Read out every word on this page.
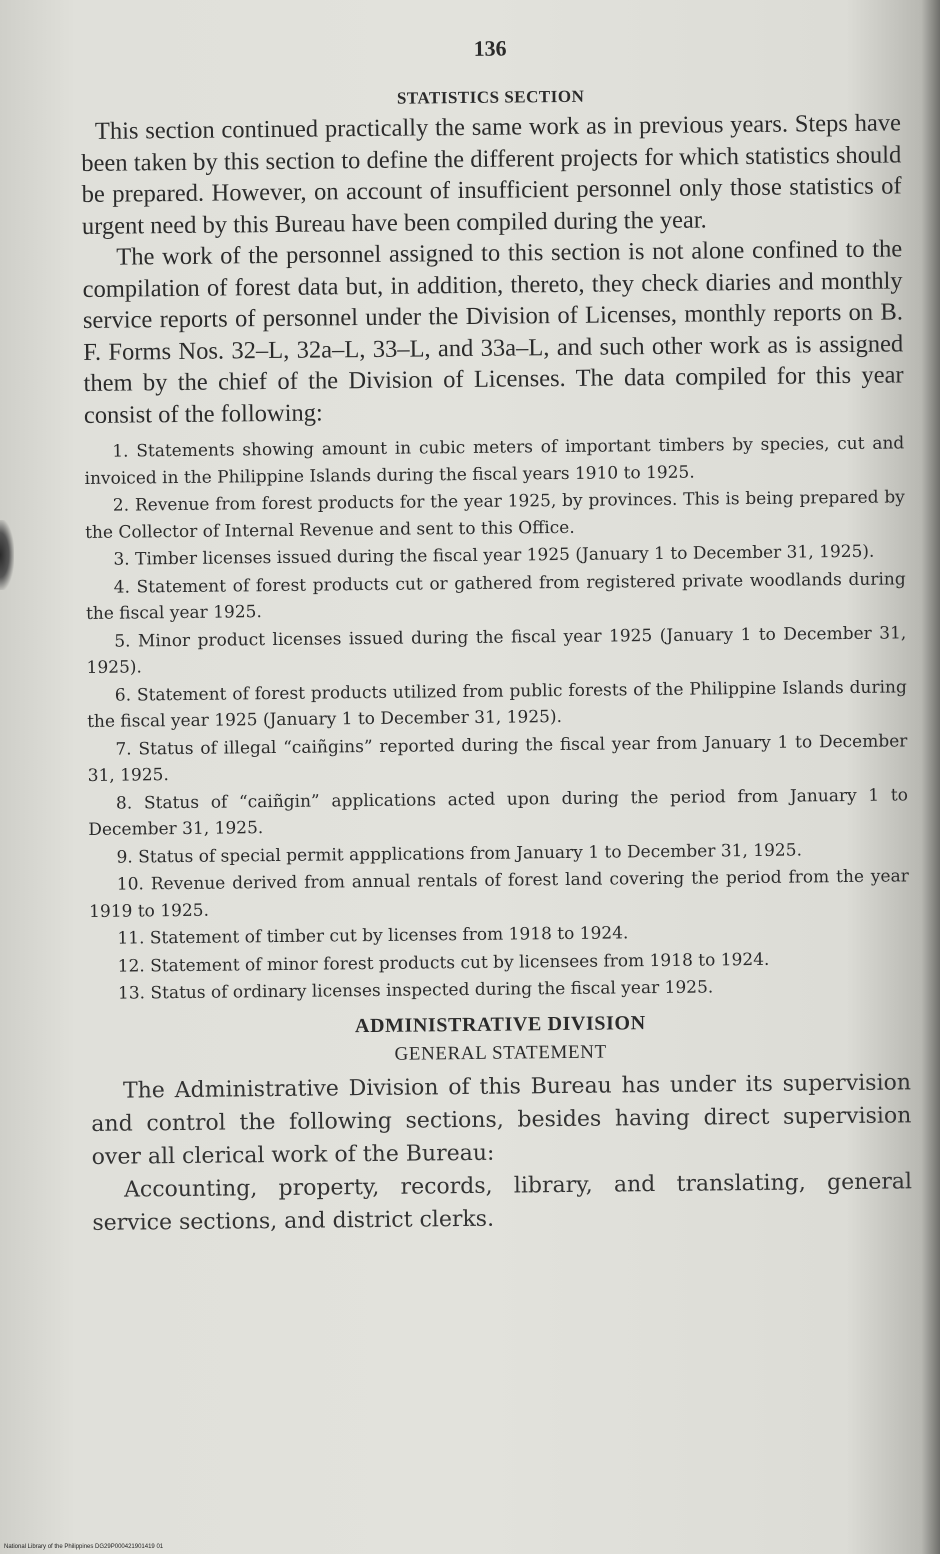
136
STATISTICS SECTION

This section continued practically the same work as in previous years. Steps have been taken by this section to define the different projects for which statistics should be prepared. However, on account of insufficient personnel only those statistics of urgent need by this Bureau have been compiled during the year.

The work of the personnel assigned to this section is not alone confined to the compilation of forest data but, in addition, thereto, they check diaries and monthly service reports of personnel under the Division of Licenses, monthly reports on B. F. Forms Nos. 32–L, 32a–L, 33–L, and 33a–L, and such other work as is assigned them by the chief of the Division of Licenses. The data compiled for this year consist of the following:

1. Statements showing amount in cubic meters of important timbers by species, cut and invoiced in the Philippine Islands during the fiscal years 1910 to 1925.
2. Revenue from forest products for the year 1925, by provinces. This is being prepared by the Collector of Internal Revenue and sent to this Office.
3. Timber licenses issued during the fiscal year 1925 (January 1 to December 31, 1925).
4. Statement of forest products cut or gathered from registered private woodlands during the fiscal year 1925.
5. Minor product licenses issued during the fiscal year 1925 (January 1 to December 31, 1925).
6. Statement of forest products utilized from public forests of the Philippine Islands during the fiscal year 1925 (January 1 to December 31, 1925).
7. Status of illegal “caiñgins” reported during the fiscal year from January 1 to December 31, 1925.
8. Status of “caiñgin” applications acted upon during the period from January 1 to December 31, 1925.
9. Status of special permit appplications from January 1 to December 31, 1925.
10. Revenue derived from annual rentals of forest land covering the period from the year 1919 to 1925.
11. Statement of timber cut by licenses from 1918 to 1924.
12. Statement of minor forest products cut by licensees from 1918 to 1924.
13. Status of ordinary licenses inspected during the fiscal year 1925.
ADMINISTRATIVE DIVISION
GENERAL STATEMENT

The Administrative Division of this Bureau has under its supervision and control the following sections, besides having direct supervision over all clerical work of the Bureau:

Accounting, property, records, library, and translating, general service sections, and district clerks.

National Library of the Philippines DG29P000421901419 01
